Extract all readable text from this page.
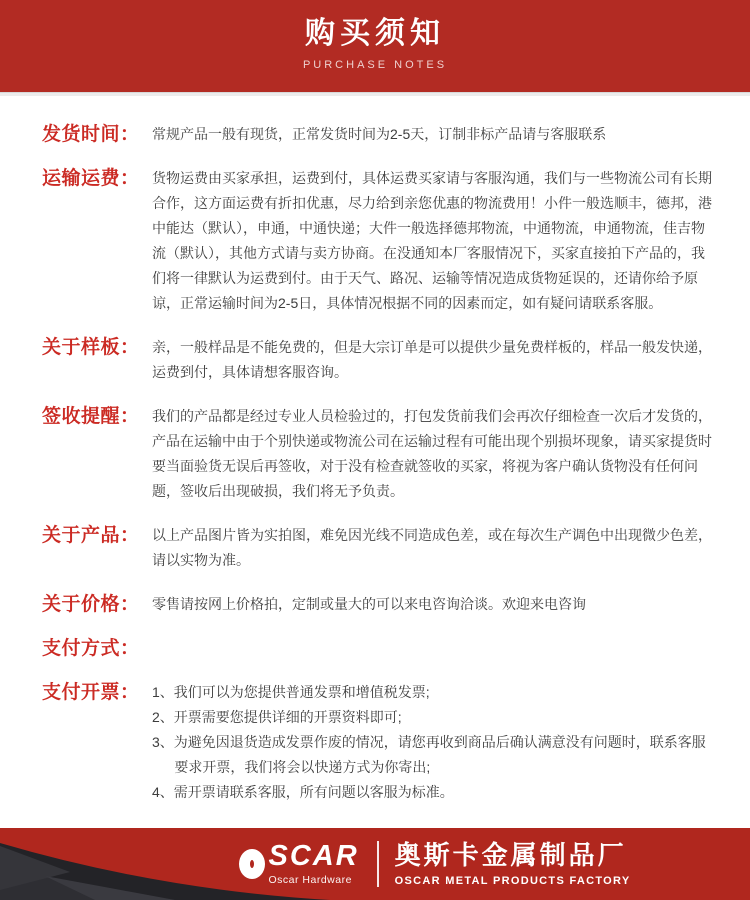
购买须知
PURCHASE NOTES
发货时间： 常规产品一般有现货，正常发货时间为2-5天，订制非标产品请与客服联系
运输运费： 货物运费由买家承担，运费到付，具体运费买家请与客服沟通，我们与一些物流公司有长期合作，这方面运费有折扣优惠，尽力给到亲您优惠的物流费用！小件一般选顺丰，德邦，港中能达（默认），申通，中通快递；大件一般选择德邦物流，中通物流，申通物流，佳吉物流（默认），其他方式请与卖方协商。在没通知本厂客服情况下，买家直接拍下产品的，我们将一律默认为运费到付。由于天气、路况、运输等情况造成货物延误的，还请你给予原谅，正常运输时间为2-5日，具体情况根据不同的因素而定，如有疑问请联系客服。
关于样板： 亲，一般样品是不能免费的，但是大宗订单是可以提供少量免费样板的，样品一般发快递，运费到付，具体请想客服咨询。
签收提醒： 我们的产品都是经过专业人员检验过的，打包发货前我们会再次仔细检查一次后才发货的，产品在运输中由于个别快递或物流公司在运输过程有可能出现个别损坏现象，请买家提货时要当面验货无误后再签收，对于没有检查就签收的买家，将视为客户确认货物没有任何问题，签收后出现破损，我们将无予负责。
关于产品： 以上产品图片皆为实拍图，难免因光线不同造成色差，或在每次生产调色中出现微少色差，请以实物为准。
关于价格： 零售请按网上价格拍，定制或量大的可以来电咨询洽谈。欢迎来电咨询
支付方式：
支付开票： 1、我们可以为您提供普通发票和增值税发票;
2、开票需要您提供详细的开票资料即可;
3、为避免因退货造成发票作废的情况，请您再收到商品后确认满意没有问题时，联系客服要求开票，我们将会以快递方式为你寄出;
4、需开票请联系客服，所有问题以客服为标准。
SCAR
Oscar Hardware
奥斯卡金属制品厂
OSCAR METAL PRODUCTS FACTORY
